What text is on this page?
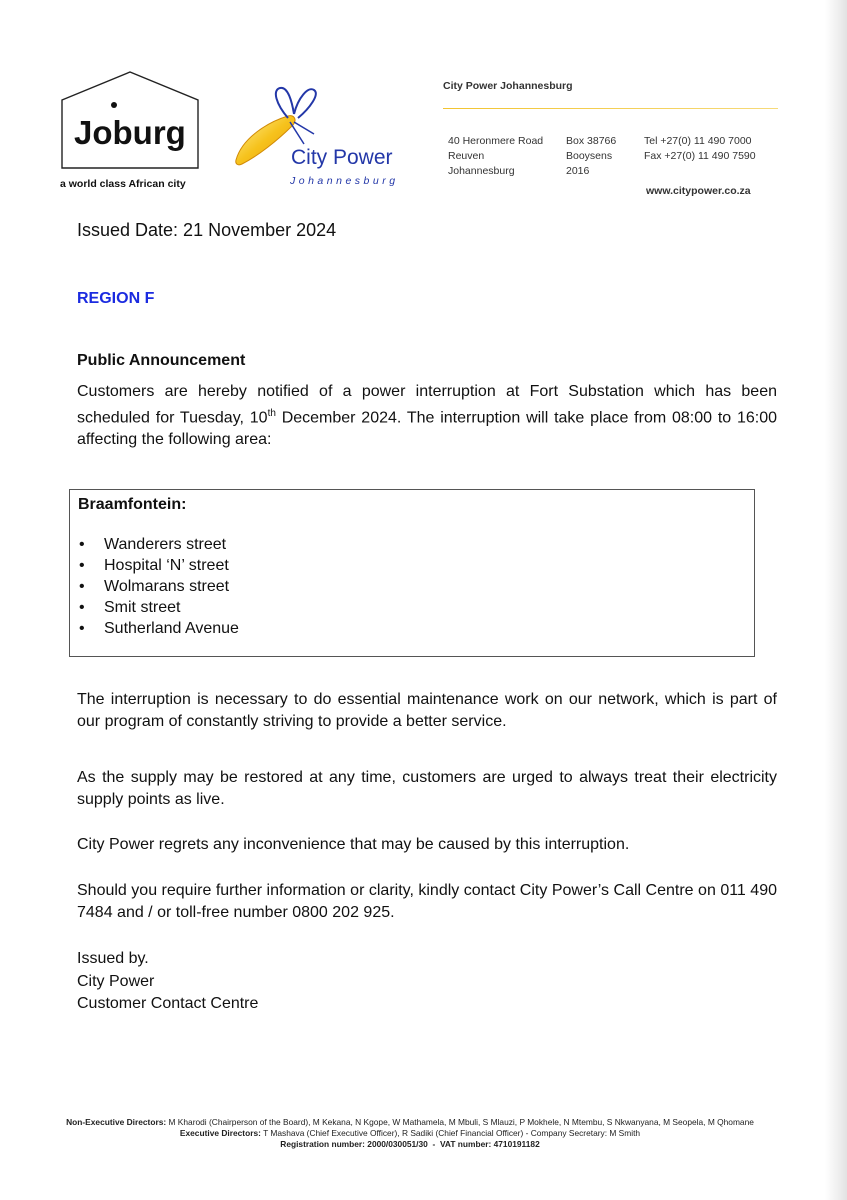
Joburg
a world class African city
City Power
Johannesburg
City Power Johannesburg
40 Heronmere Road
Reuven
Johannesburg
Box 38766
Booysens
2016
Tel +27(0) 11 490 7000
Fax +27(0) 11 490 7590
www.citypower.co.za
Issued Date: 21 November 2024
REGION F
Public Announcement

Customers are hereby notified of a power interruption at Fort Substation which has been scheduled for Tuesday, 10th December 2024. The interruption will take place from 08:00 to 16:00 affecting the following area:

Braamfontein:
• Wanderers street
• Hospital ‘N’ street
• Wolmarans street
• Smit street
• Sutherland Avenue

The interruption is necessary to do essential maintenance work on our network, which is part of our program of constantly striving to provide a better service.

As the supply may be restored at any time, customers are urged to always treat their electricity supply points as live.

City Power regrets any inconvenience that may be caused by this interruption.

Should you require further information or clarity, kindly contact City Power’s Call Centre on 011 490 7484 and / or toll-free number 0800 202 925.

Issued by.
City Power
Customer Contact Centre
Non-Executive Directors: M Kharodi (Chairperson of the Board), M Kekana, N Kgope, W Mathamela, M Mbuli, S Mlauzi, P Mokhele, N Mtembu, S Nkwanyana, M Seopela, M Qhomane
Executive Directors: T Mashava (Chief Executive Officer), R Sadiki (Chief Financial Officer) - Company Secretary: M Smith
Registration number: 2000/030051/30  -  VAT number: 4710191182
